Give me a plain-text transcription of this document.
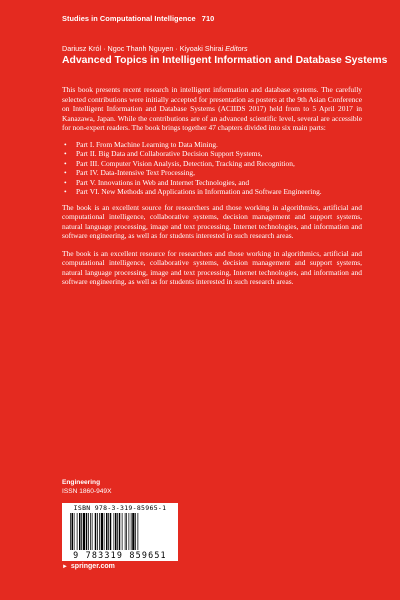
Studies in Computational Intelligence 710
Dariusz Król · Ngoc Thanh Nguyen · Kiyoaki Shirai Editors
Advanced Topics in Intelligent Information and Database Systems

This book presents recent research in intelligent information and database systems. The carefully selected contributions were initially accepted for presentation as posters at the 9th Asian Conference on Intelligent Information and Database Systems (ACIIDS 2017) held from to 5 April 2017 in Kanazawa, Japan. While the contributions are of an advanced scientific level, several are accessible for non-expert readers. The book brings together 47 chapters divided into six main parts:

• Part I. From Machine Learning to Data Mining.
• Part II. Big Data and Collaborative Decision Support Systems,
• Part III. Computer Vision Analysis, Detection, Tracking and Recognition,
• Part IV. Data-Intensive Text Processing,
• Part V. Innovations in Web and Internet Technologies, and
• Part VI. New Methods and Applications in Information and Software Engineering.

The book is an excellent source for researchers and those working in algorithmics, artificial and computational intelligence, collaborative systems, decision management and support systems, natural language processing, image and text processing, Internet technologies, and information and software engineering, as well as for students interested in such research areas.

The book is an excellent resource for researchers and those working in algorithmics, artificial and computational intelligence, collaborative systems, decision management and support systems, natural language processing, image and text processing, Internet technologies, and information and software engineering, as well as for students interested in such research areas.

Engineering
ISSN 1860-949X
ISBN 978-3-319-85965-1
9 783319 859651
► springer.com
